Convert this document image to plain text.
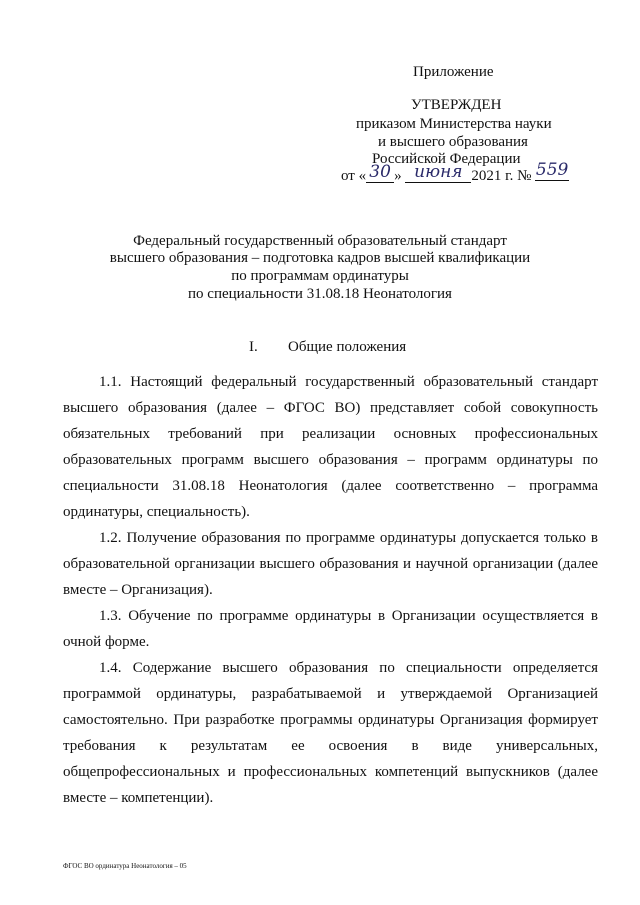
Приложение
УТВЕРЖДЕН
приказом Министерства науки
и высшего образования
Российской Федерации
от « 30 » июня 2021 г. № 559
Федеральный государственный образовательный стандарт
высшего образования – подготовка кадров высшей квалификации
по программам ординатуры
по специальности 31.08.18 Неонатология
I. Общие положения

1.1. Настоящий федеральный государственный образовательный стандарт высшего образования (далее – ФГОС ВО) представляет собой совокупность обязательных требований при реализации основных профессиональных образовательных программ высшего образования – программ ординатуры по специальности 31.08.18 Неонатология (далее соответственно – программа ординатуры, специальность).

1.2. Получение образования по программе ординатуры допускается только в образовательной организации высшего образования и научной организации (далее вместе – Организация).

1.3. Обучение по программе ординатуры в Организации осуществляется в очной форме.

1.4. Содержание высшего образования по специальности определяется программой ординатуры, разрабатываемой и утверждаемой Организацией самостоятельно. При разработке программы ординатуры Организация формирует требования к результатам ее освоения в виде универсальных, общепрофессиональных и профессиональных компетенций выпускников (далее вместе – компетенции).

ФГОС ВО ординатура Неонатология – 05
